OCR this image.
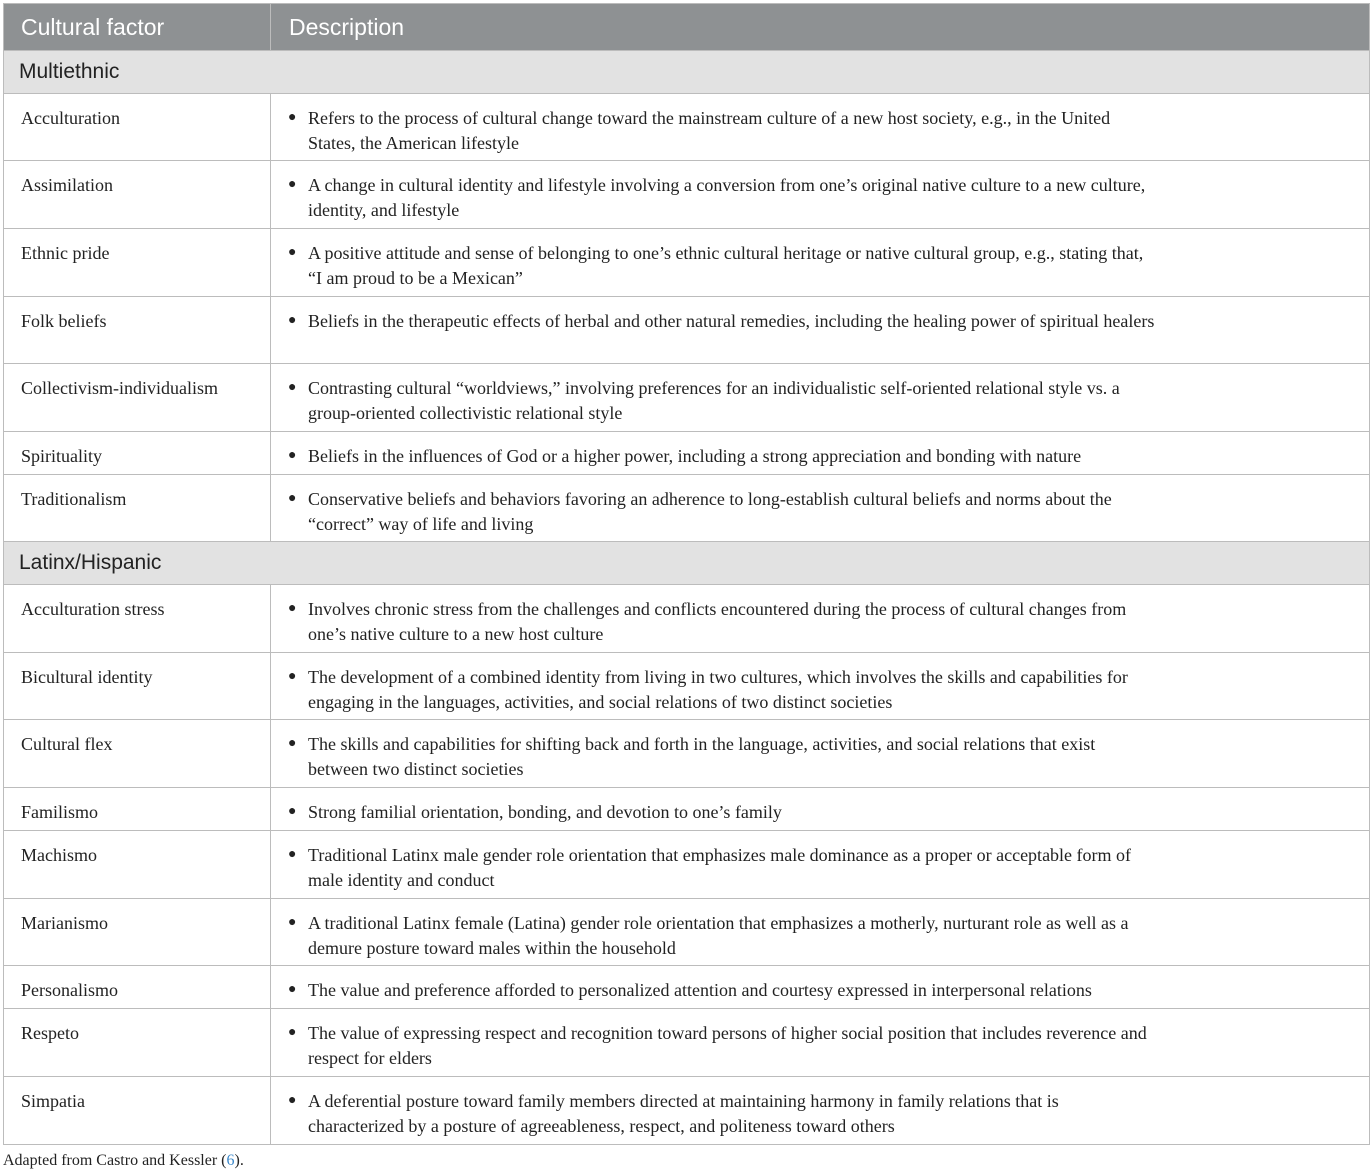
Cultural factor	Description
Multiethnic	
Acculturation	● Refers to the process of cultural change toward the mainstream culture of a new host society, e.g., in the United States, the American lifestyle

Assimilation	● A change in cultural identity and lifestyle involving a conversion from one’s original native culture to a new culture, identity, and lifestyle

Ethnic pride	● A positive attitude and sense of belonging to one’s ethnic cultural heritage or native cultural group, e.g., stating that, “I am proud to be a Mexican”

Folk beliefs	● Beliefs in the therapeutic effects of herbal and other natural remedies, including the healing power of spiritual healers

Collectivism-individualism	● Contrasting cultural “worldviews,” involving preferences for an individualistic self-oriented relational style vs. a group-oriented collectivistic relational style

Spirituality	● Beliefs in the influences of God or a higher power, including a strong appreciation and bonding with nature

Traditionalism	● Conservative beliefs and behaviors favoring an adherence to long-establish cultural beliefs and norms about the “correct” way of life and living

Latinx/Hispanic	
Acculturation stress	● Involves chronic stress from the challenges and conflicts encountered during the process of cultural changes from one’s native culture to a new host culture

Bicultural identity	● The development of a combined identity from living in two cultures, which involves the skills and capabilities for engaging in the languages, activities, and social relations of two distinct societies

Cultural flex	● The skills and capabilities for shifting back and forth in the language, activities, and social relations that exist between two distinct societies

Familismo	● Strong familial orientation, bonding, and devotion to one’s family

Machismo	● Traditional Latinx male gender role orientation that emphasizes male dominance as a proper or acceptable form of male identity and conduct

Marianismo	● A traditional Latinx female (Latina) gender role orientation that emphasizes a motherly, nurturant role as well as a demure posture toward males within the household

Personalismo	● The value and preference afforded to personalized attention and courtesy expressed in interpersonal relations

Respeto	● The value of expressing respect and recognition toward persons of higher social position that includes reverence and respect for elders

Simpatia	● A deferential posture toward family members directed at maintaining harmony in family relations that is characterized by a posture of agreeableness, respect, and politeness toward others
Adapted from Castro and Kessler (6).
